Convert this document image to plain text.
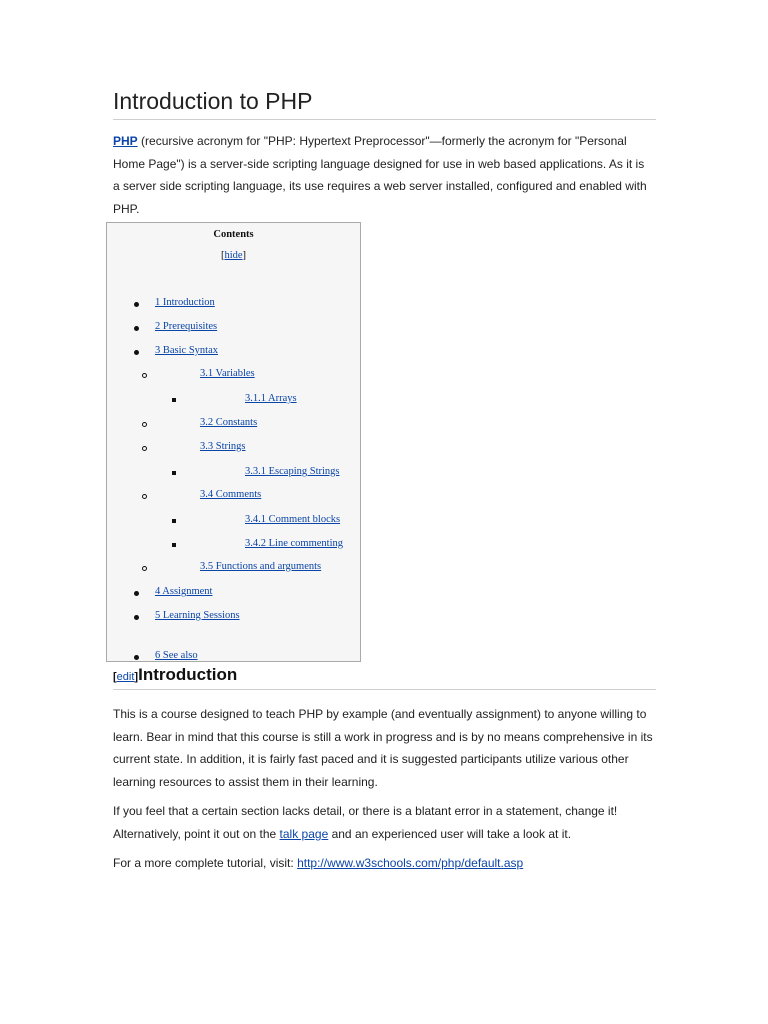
Introduction to PHP

PHP (recursive acronym for "PHP: Hypertext Preprocessor"—formerly the acronym for "Personal Home Page") is a server-side scripting language designed for use in web based applications. As it is a server side scripting language, its use requires a web server installed, configured and enabled with PHP.

Contents
[hide]
1 Introduction
2 Prerequisites
3 Basic Syntax
3.1 Variables
3.1.1 Arrays
3.2 Constants
3.3 Strings
3.3.1 Escaping Strings
3.4 Comments
3.4.1 Comment blocks
3.4.2 Line commenting
3.5 Functions and arguments
4 Assignment
5 Learning Sessions
6 See also
[edit]Introduction

This is a course designed to teach PHP by example (and eventually assignment) to anyone willing to learn. Bear in mind that this course is still a work in progress and is by no means comprehensive in its current state. In addition, it is fairly fast paced and it is suggested participants utilize various other learning resources to assist them in their learning.

If you feel that a certain section lacks detail, or there is a blatant error in a statement, change it! Alternatively, point it out on the talk page and an experienced user will take a look at it.

For a more complete tutorial, visit: http://www.w3schools.com/php/default.asp
